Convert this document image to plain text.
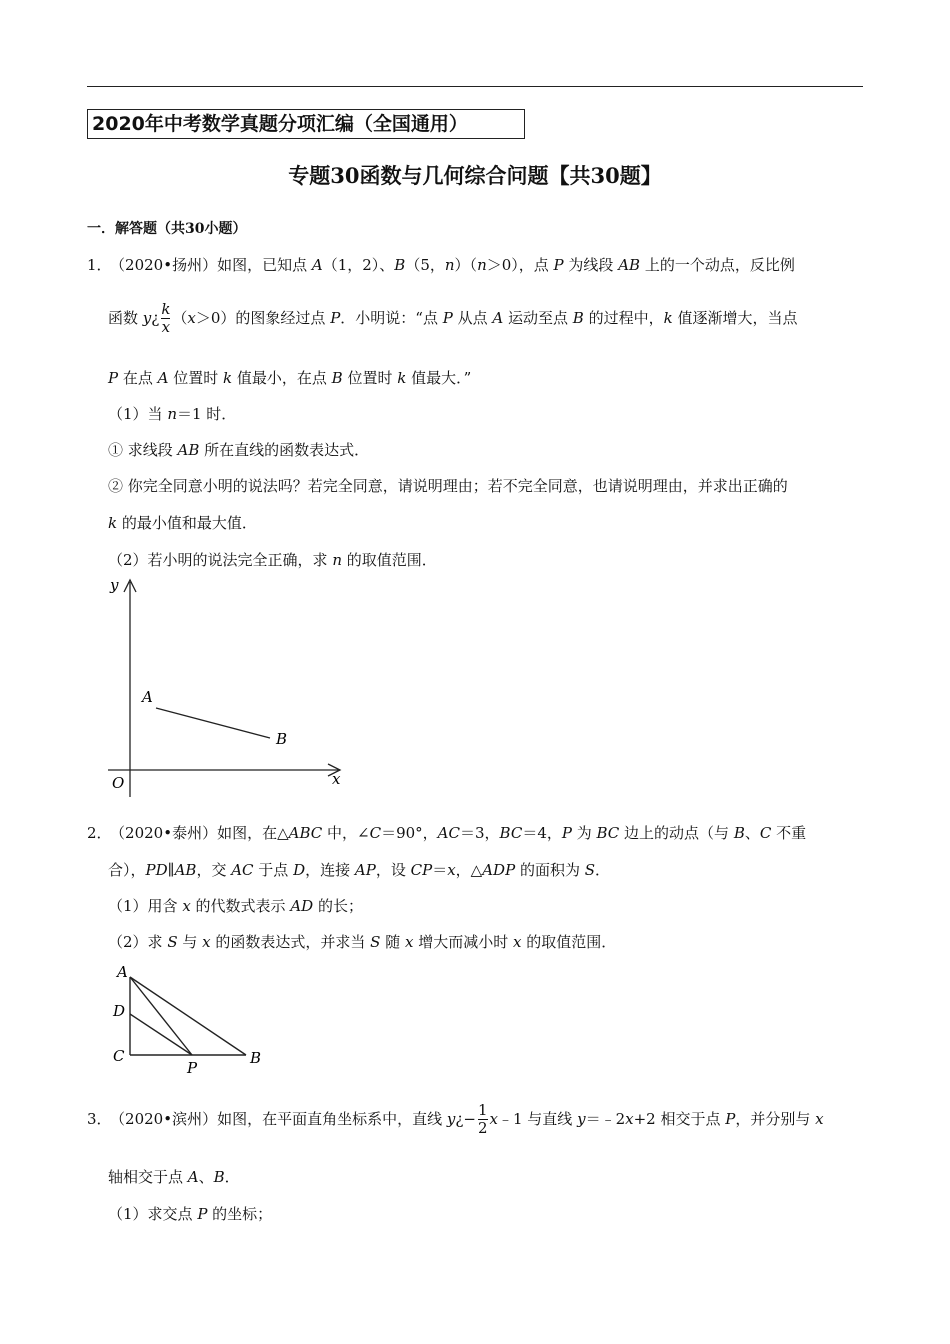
2020年中考数学真题分项汇编（全国通用）
专题30函数与几何综合问题【共30题】
一．解答题（共30小题）
1． （2020•扬州）如图，已知点 A（1，2）、B（5，n）（n＞0），点 P 为线段 AB 上的一个动点，反比例
函数 y¿ $\frac{k}{x} (x>0)$的图象经过点 P．小明说：“点 P 从点 A 运动至点 B 的过程中，k 值逐渐增大，当点
P 在点 A 位置时 k 值最小，在点 B 位置时 k 值最大．”
（1）当 n＝1 时．
① 求线段 AB 所在直线的函数表达式．
② 你完全同意小明的说法吗？若完全同意，请说明理由；若不完全同意，也请说明理由，并求出正确的
k 的最小值和最大值．
（2）若小明的说法完全正确，求 n 的取值范围．
y
x
O
A
B
2． （2020•泰州）如图，在△ABC 中，∠C＝90°，AC＝3，BC＝4，P 为 BC 边上的动点（与 B、C 不重
合），PD∥AB，交 AC 于点 D，连接 AP，设 CP＝x，△ADP 的面积为 S．
（1）用含 x 的代数式表示 AD 的长；
（2）求 S 与 x 的函数表达式，并求当 S 随 x 增大而减小时 x 的取值范围．
A
D
C
P
B
3． （2020•滨州）如图，在平面直角坐标系中，直线 y¿− $\frac{1}{2}$ x﹣1 与直线 y＝﹣2x+2 相交于点 P，并分别与 x
轴相交于点 A、B．
（1）求交点 P 的坐标；
